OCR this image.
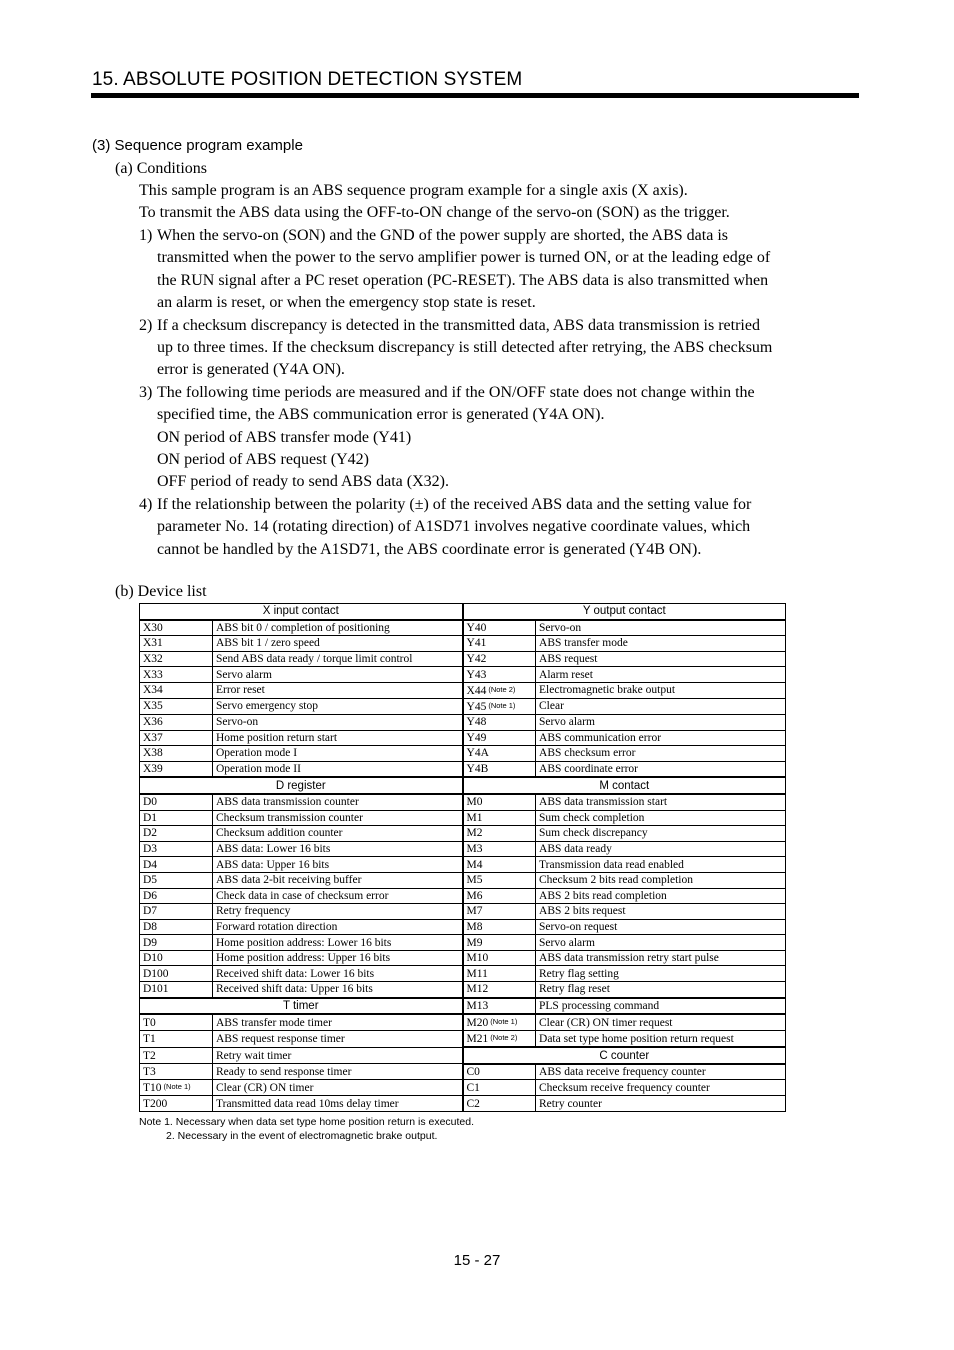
15. ABSOLUTE POSITION DETECTION SYSTEM
(3) Sequence program example
(a) Conditions
This sample program is an ABS sequence program example for a single axis (X axis).
To transmit the ABS data using the OFF-to-ON change of the servo-on (SON) as the trigger.
1) When the servo-on (SON) and the GND of the power supply are shorted, the ABS data is
transmitted when the power to the servo amplifier power is turned ON, or at the leading edge of
the RUN signal after a PC reset operation (PC-RESET). The ABS data is also transmitted when
an alarm is reset, or when the emergency stop state is reset.
2) If a checksum discrepancy is detected in the transmitted data, ABS data transmission is retried
up to three times. If the checksum discrepancy is still detected after retrying, the ABS checksum
error is generated (Y4A ON).
3) The following time periods are measured and if the ON/OFF state does not change within the
specified time, the ABS communication error is generated (Y4A ON).
ON period of ABS transfer mode (Y41)
ON period of ABS request (Y42)
OFF period of ready to send ABS data (X32).
4) If the relationship between the polarity (±) of the received ABS data and the setting value for
parameter No. 14 (rotating direction) of A1SD71 involves negative coordinate values, which
cannot be handled by the A1SD71, the ABS coordinate error is generated (Y4B ON).
(b) Device list
X input contact		Y output contact	
X30	ABS bit 0 / completion of positioning	Y40	Servo-on
X31	ABS bit 1 / zero speed	Y41	ABS transfer mode
X32	Send ABS data ready / torque limit control	Y42	ABS request
X33	Servo alarm	Y43	Alarm reset
X34	Error reset	X44 $^{(Note 2)}$	Electromagnetic brake output
X35	Servo emergency stop	Y45 $^{(Note 1)}$	Clear
X36	Servo-on	Y48	Servo alarm
X37	Home position return start	Y49	ABS communication error
X38	Operation mode I	Y4A	ABS checksum error
X39	Operation mode II	Y4B	ABS coordinate error
D register		M contact	
D0	ABS data transmission counter	M0	ABS data transmission start
D1	Checksum transmission counter	M1	Sum check completion
D2	Checksum addition counter	M2	Sum check discrepancy
D3	ABS data: Lower 16 bits	M3	ABS data ready
D4	ABS data: Upper 16 bits	M4	Transmission data read enabled
D5	ABS data 2-bit receiving buffer	M5	Checksum 2 bits read completion
D6	Check data in case of checksum error	M6	ABS 2 bits read completion
D7	Retry frequency	M7	ABS 2 bits request
D8	Forward rotation direction	M8	Servo-on request
D9	Home position address: Lower 16 bits	M9	Servo alarm
D10	Home position address: Upper 16 bits	M10	ABS data transmission retry start pulse
D100	Received shift data: Lower 16 bits	M11	Retry flag setting
D101	Received shift data: Upper 16 bits	M12	Retry flag reset
T timer		M13	PLS processing command
T0	ABS transfer mode timer	M20 $^{(Note 1)}$	Clear (CR) ON timer request
T1	ABS request response timer	M21 $^{(Note 2)}$	Data set type home position return request
T2	Retry wait timer	C counter	
T3	Ready to send response timer	C0	ABS data receive frequency counter
T10 $^{(Note 1)}$	Clear (CR) ON timer	C1	Checksum receive frequency counter
T200	Transmitted data read 10ms delay timer	C2	Retry counter
Note 1. Necessary when data set type home position return is executed.
2. Necessary in the event of electromagnetic brake output.
15 - 27
